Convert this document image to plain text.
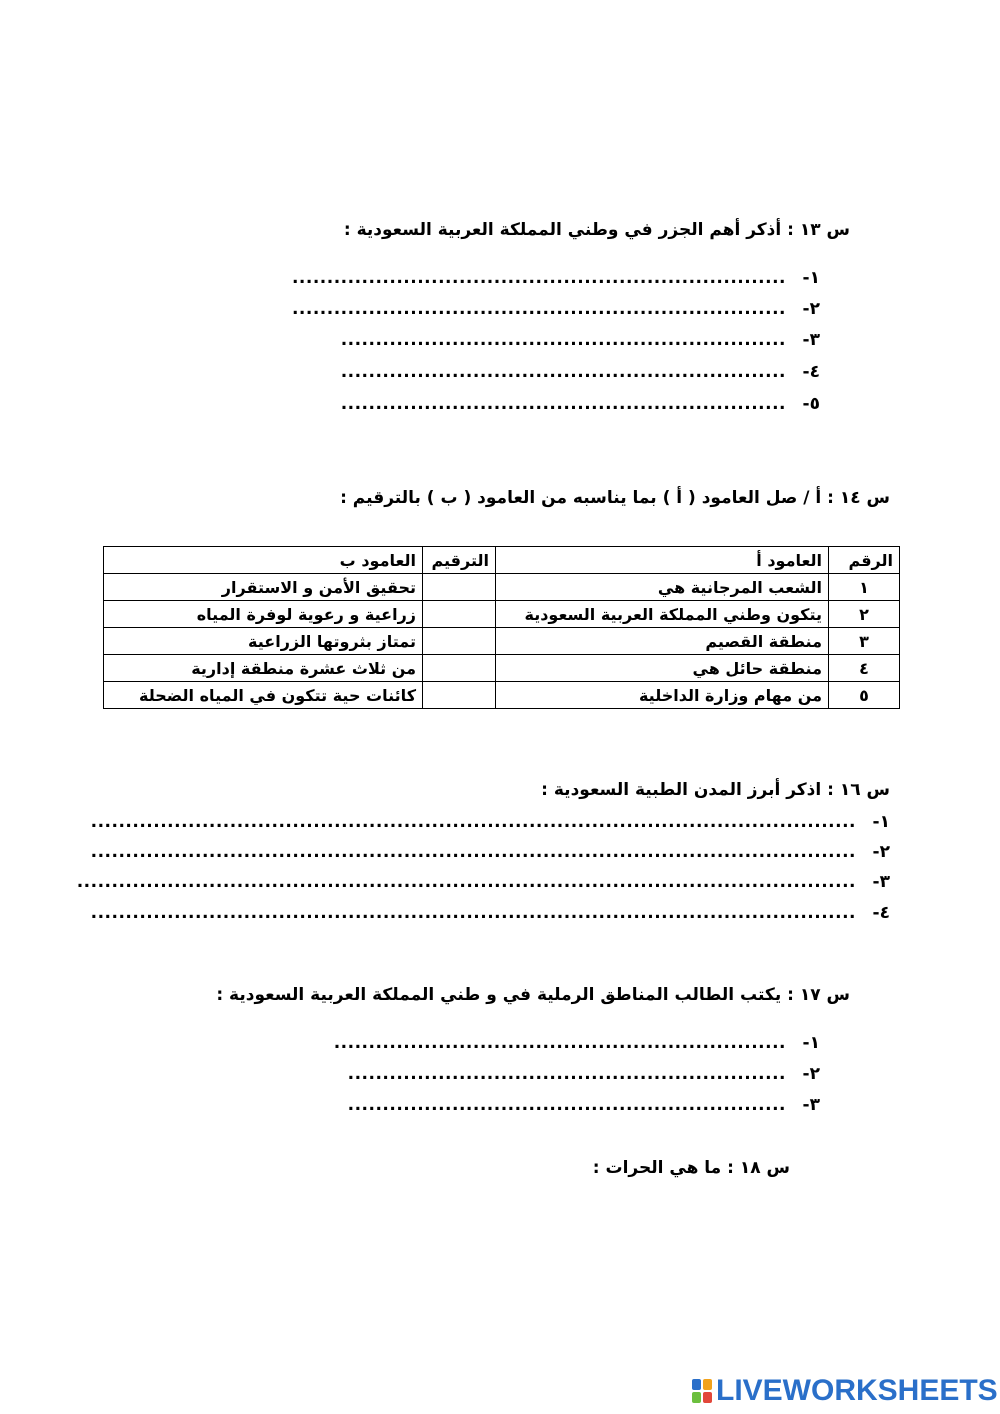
س ١٣ : أذكر أهم الجزر في وطني المملكة العربية السعودية :
١-
.......................................................................
٢-
.......................................................................
٣-
................................................................
٤-
................................................................
٥-
................................................................
س ١٤ : أ / صل العامود ( أ ) بما يناسبه من العامود ( ب ) بالترقيم :
الرقم	العامود أ	الترقيم	العامود ب
١	الشعب المرجانية هي		تحقيق الأمن و الاستقرار
٢	يتكون وطني المملكة العربية السعودية		زراعية و رعوية لوفرة المياه
٣	منطقة القصيم		تمتاز بثروتها الزراعية
٤	منطقة حائل هي		من ثلاث عشرة منطقة إدارية
٥	من مهام وزارة الداخلية		كائنات حية تتكون في المياه الضحلة
س ١٦ : اذكر أبرز المدن الطبية السعودية :
١-
..............................................................................................................
٢-
..............................................................................................................
٣-
................................................................................................................
٤-
..............................................................................................................
س ١٧ : يكتب الطالب المناطق الرملية في و طني المملكة العربية السعودية :
١-
.................................................................
٢-
...............................................................
٣-
...............................................................
س ١٨ : ما هي الحرات :
LIVEWORKSHEETS
